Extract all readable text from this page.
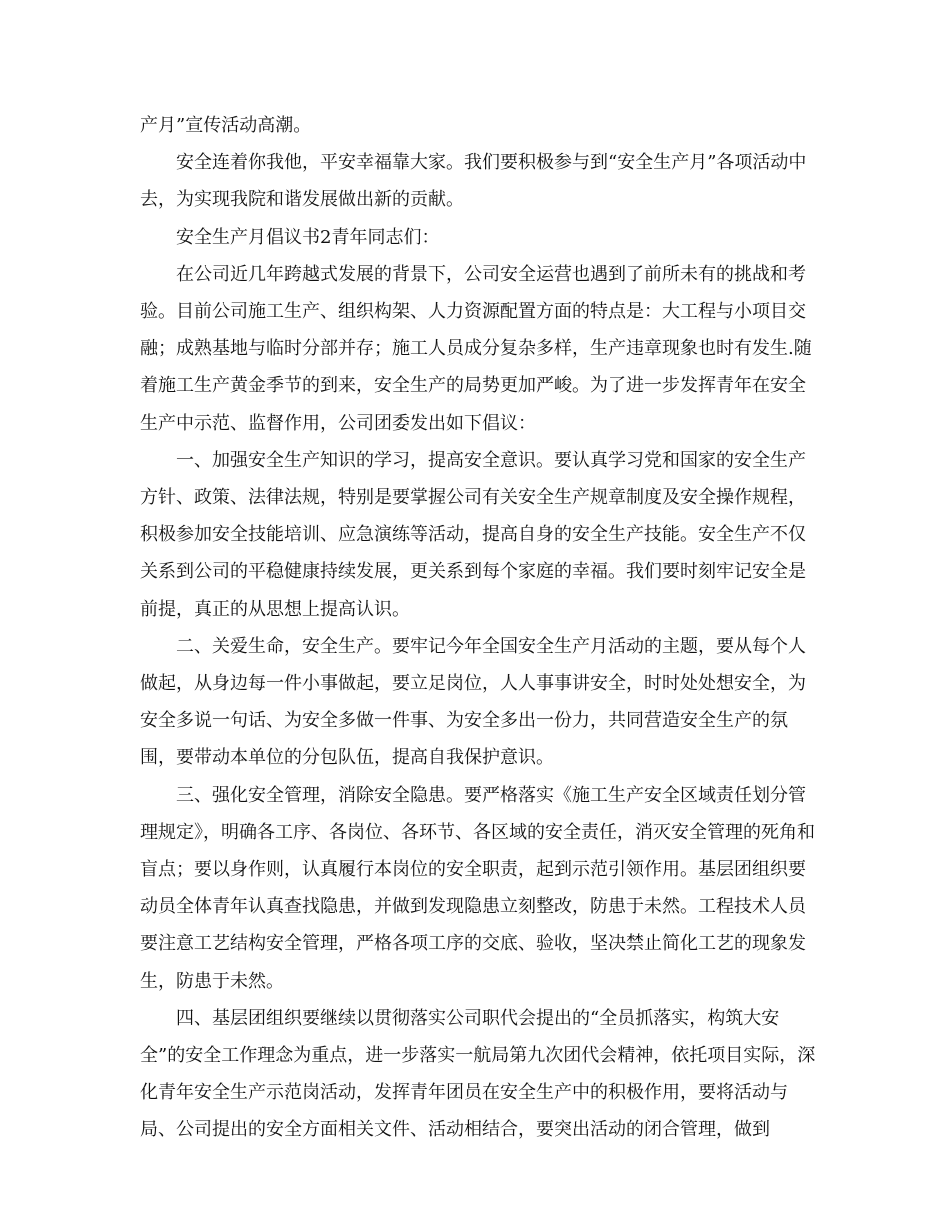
产月”宣传活动高潮。

安全连着你我他，平安幸福靠大家。我们要积极参与到“安全生产月”各项活动中去，为实现我院和谐发展做出新的贡献。

安全生产月倡议书2青年同志们：

在公司近几年跨越式发展的背景下，公司安全运营也遇到了前所未有的挑战和考验。目前公司施工生产、组织构架、人力资源配置方面的特点是：大工程与小项目交融；成熟基地与临时分部并存；施工人员成分复杂多样，生产违章现象也时有发生.随着施工生产黄金季节的到来，安全生产的局势更加严峻。为了进一步发挥青年在安全生产中示范、监督作用，公司团委发出如下倡议：

一、加强安全生产知识的学习，提高安全意识。要认真学习党和国家的安全生产方针、政策、法律法规，特别是要掌握公司有关安全生产规章制度及安全操作规程，积极参加安全技能培训、应急演练等活动，提高自身的安全生产技能。安全生产不仅关系到公司的平稳健康持续发展，更关系到每个家庭的幸福。我们要时刻牢记安全是前提，真正的从思想上提高认识。

二、关爱生命，安全生产。要牢记今年全国安全生产月活动的主题，要从每个人做起，从身边每一件小事做起，要立足岗位，人人事事讲安全，时时处处想安全，为安全多说一句话、为安全多做一件事、为安全多出一份力，共同营造安全生产的氛围，要带动本单位的分包队伍，提高自我保护意识。

三、强化安全管理，消除安全隐患。要严格落实《施工生产安全区域责任划分管理规定》，明确各工序、各岗位、各环节、各区域的安全责任，消灭安全管理的死角和盲点；要以身作则，认真履行本岗位的安全职责，起到示范引领作用。基层团组织要动员全体青年认真查找隐患，并做到发现隐患立刻整改，防患于未然。工程技术人员要注意工艺结构安全管理，严格各项工序的交底、验收，坚决禁止简化工艺的现象发生，防患于未然。

四、基层团组织要继续以贯彻落实公司职代会提出的“全员抓落实，构筑大安全”的安全工作理念为重点，进一步落实一航局第九次团代会精神，依托项目实际，深化青年安全生产示范岗活动，发挥青年团员在安全生产中的积极作用，要将活动与局、公司提出的安全方面相关文件、活动相结合，要突出活动的闭合管理，做到
